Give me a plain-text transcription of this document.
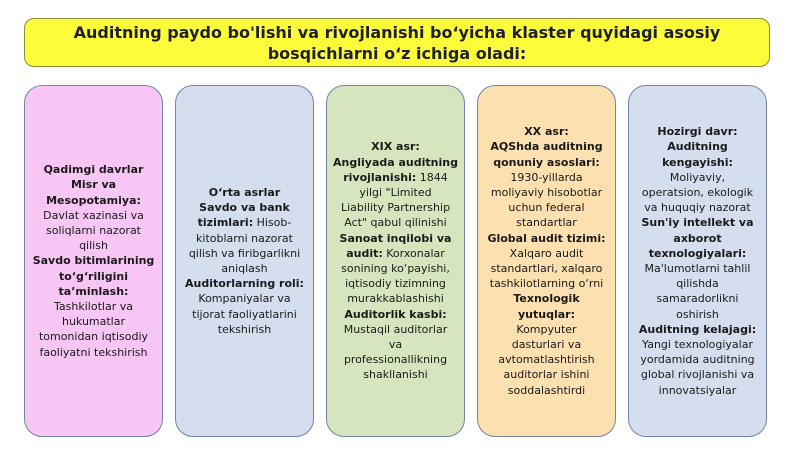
Auditning paydo bo'lishi va rivojlanishi bo‘yicha klaster quyidagi asosiy
bosqichlarni o‘z ichiga oladi:

Qadimgi davrlar

Misr va

Mesopotamiya:

Davlat xazinasi va

soliqlarni nazorat

qilish

Savdo bitimlarining

to‘g‘riligini

ta’minlash:

Tashkilotlar va

hukumatlar

tomonidan iqtisodiy

faoliyatni tekshirish

O‘rta asrlar

Savdo va bank

tizimlari: Hisob-

kitoblarni nazorat

qilish va firibgarlikni

aniqlash

Auditorlarning roli:

Kompaniyalar va

tijorat faoliyatlarini

tekshirish

XIX asr:

Angliyada auditning

rivojlanishi: 1844

yilgi "Limited

Liability Partnership

Act" qabul qilinishi

Sanoat inqilobi va

audit: Korxonalar

sonining ko‘payishi,

iqtisodiy tizimning

murakkablashishi

Auditorlik kasbi:

Mustaqil auditorlar

va

professionallikning

shakllanishi

XX asr:

AQShda auditning

qonuniy asoslari:

1930-yillarda

moliyaviy hisobotlar

uchun federal

standartlar

Global audit tizimi:

Xalqaro audit

standartlari, xalqaro

tashkilotlarning o‘rni

Texnologik yutuqlar:

Kompyuter

dasturlari va

avtomatlashtirish

auditorlar ishini

soddalashtirdi

Hozirgi davr:

Auditning

kengayishi:

Moliyaviy,

operatsion, ekologik

va huquqiy nazorat

Sun'iy intellekt va

axborot

texnologiyalari:

Ma'lumotlarni tahlil

qilishda

samaradorlikni

oshirish

Auditning kelajagi:

Yangi texnologiyalar

yordamida auditning

global rivojlanishi va

innovatsiyalar
